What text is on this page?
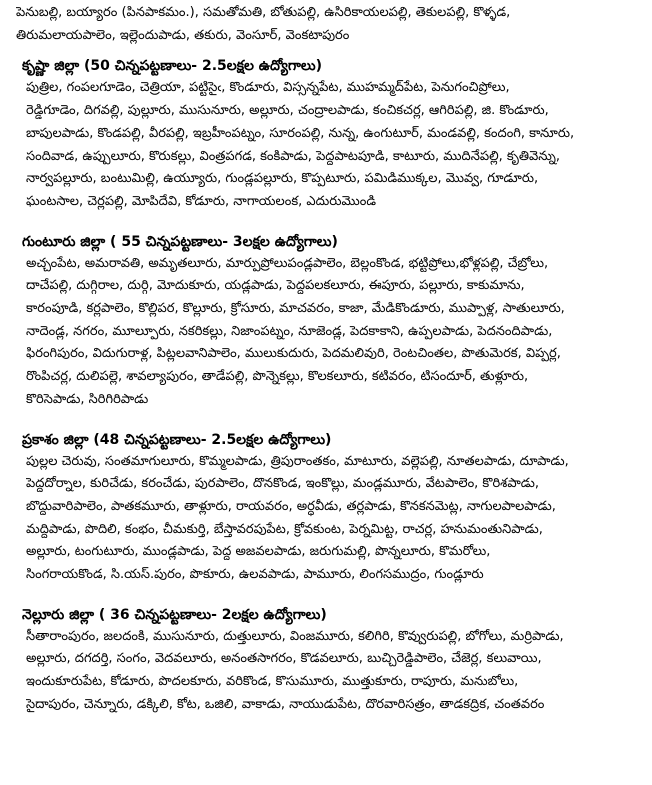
పెనుబల్లి, బయ్యారం (పినపాకమం.), సమతోమతి, బోతుపల్లి, ఉసిరికాయలపల్లి, తెకులపల్లి, కొళ్ళడ,
తిరుమలాయపాలెం, ఇల్లెందుపాడు, తకురు, వెంసూర్, వెంకటాపురం
కృష్ణా జిల్లా (50 చిన్నపట్టణాలు- 2.5లక్షల ఉద్యోగాలు)
పుత్రిల, గంపలగూడెం, చెత్రియా, పట్టిసైఁ, కొండూరు, విస్సన్నపేట, ముహమ్మద్‌పేట, పెనుగంచిప్రోలు,
రెడ్డిగూడెం, దిగవల్లి, పుల్లూరు, ముసునూరు, అల్లూరు, చంద్రాలపాడు, కంచికచర్ల, ఆగిరిపల్లి, జి. కొండూరు,
బాపులపాడు, కొండపల్లి, వీరపల్లి, ఇబ్రహీంపట్నం, సూరంపల్లి, నున్న, ఉంగుటూర్, మండవల్లి, కందంగి, కానూరు,
సందివాడ, ఉప్పులూరు, కొరుకల్లు, వింత్రపగడ, కంకిపాడు, పెద్దపాటపూడి, కాటూరు, ముదినేపల్లి, కృతివెన్ను,
నార్వపల్లూరు, బంటుమిల్లి, ఉయ్యూరు, గుండ్లపల్లూరు, కొప్పటూరు, పమిడిముక్కల, మొవ్వ, గూడూరు,
ఘంటసాల, చెర్లపల్లి, మోపిదేవి, కోడూరు, నాగాయలంక, ఎదురుమొండి
గుంటూరు జిల్లా ( 55 చిన్నపట్టణాలు- 3లక్షల ఉద్యోగాలు)
అచ్చంపేట, అమరావతి, అమృతలూరు, మార్పుప్రోలుపండ్లపాలెం, బెల్లంకొండ, భట్టిప్రోలు,భోళ్లపల్లి, చేబ్రోలు,
దాచేపల్లి, దుగ్గిరాల, దుర్గి, మోదుకూరు, యడ్లపాడు, పెద్దపలకలూరు, ఈపూరు, పల్లూరు, కాకుమాను,
కారంపూడి, కర్లపాలెం, కొల్లిపర, కొల్లూరు, క్రోసూరు, మాచవరం, కాజా, మేడికొండూరు, ముప్పాళ్ల, సాతులూరు,
నాదెండ్ల, నగరం, మూల్పూరు, నకరికల్లు, నిజాంపట్నం, నూజెండ్ల, పెదకాకాని, ఉప్పలపాడు, పెదనందిపాడు,
ఫిరంగిపురం, విదుగురాళ్ల, పిట్లలవానిపాలెం, ములుకుదురు, పెదమలివురి, రెంటచింతల, పొతుమెరక, విప్పర్ల,
రొంపిచర్ల, దులిపల్లె, శావల్యాపురం, తాడేపల్లి, పొన్నెకల్లు, కొలకలూరు, కటివరం, టిసందూర్, తుళ్లూరు,
కొరిసెపాడు, సిరిగిరిపాడు
ప్రకాశం జిల్లా (48 చిన్నపట్టణాలు- 2.5లక్షల ఉద్యోగాలు)
పుల్లల చెరువు, సంతమాగులూరు, కొమ్మలపాడు, త్రిపురాంతకం, మాటూరు, వల్లెపల్లి, నూతలపాడు, దూపాడు,
పెద్దదోర్నాల, కురిచేడు, కరంచేడు, పురపాలెం, దొనకొండ, ఇంకొల్లు, మండ్లమూరు, వేటపాలెం, కొరిశపాడు,
బొద్దువారిపాలెం, పాతకమూరు, తాళ్లూరు, రాయవరం, అర్ధవీడు, తర్లపాడు, కొనకనమెట్ల, నాగులపాలపాడు,
మద్దిపాడు, పొదిలి, కంభం, చీమకుర్తి, బేస్తావరపుపేట, క్రోవకుంట, పెర్నమిట్ట, రాచర్ల, హనుమంతునిపాడు,
అల్లూరు, టంగుటూరు, ముండ్లపాడు, పెద్ద అజవలపాడు, జరుగుమల్లి, పొన్నలూరు, కొమరోలు,
సింగరాయకొండ, సి.యస్.పురం, పొకూరు, ఉలవపాడు, పామూరు, లింగసముద్రం, గుండ్లూరు
నెల్లూరు జిల్లా ( 36 చిన్నపట్టణాలు- 2లక్షల ఉద్యోగాలు)
సీతారాంపురం, జలదంకి, ముసునూరు, దుత్తులూరు, వింజమూరు, కలిగిరి, కొవ్వురుపల్లి, బోగోలు, మర్రిపాడు,
అల్లూరు, దగదర్తి, సంగం, వెదవలూరు, అనంతసాగరం, కొడవలూరు, బుచ్చిరెడ్డిపాలెం, చేజెర్ల, కలువాయి,
ఇందుకూరుపేట, కోడూరు, పొదలకూరు, వరికొండ, కొసుమూరు, ముత్తుకూరు, రాపూరు, మనుబోలు,
సైదాపురం, చెన్నూరు, డక్కిలి, కోట, ఒజిలి, వాకాడు, నాయుడుపేట, దొరవారిసత్రం, తాడకద్రిక, చంతవరం
